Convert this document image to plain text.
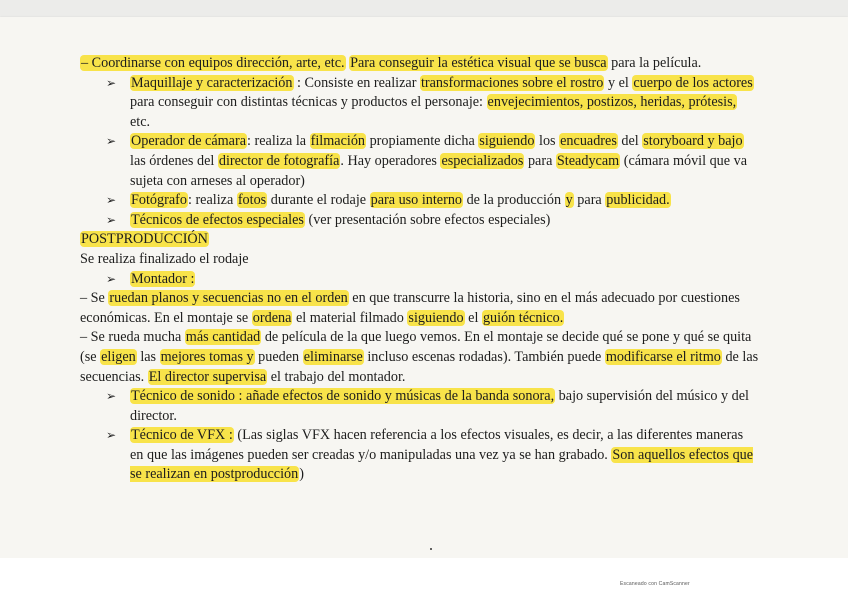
– Coordinarse con equipos dirección, arte, etc. Para conseguir la estética visual que se busca para la película.

➢ Maquillaje y caracterización : Consiste en realizar transformaciones sobre el rostro y el cuerpo de los actores para conseguir con distintas técnicas y productos el personaje: envejecimientos, postizos, heridas, prótesis, etc.

➢ Operador de cámara: realiza la filmación propiamente dicha siguiendo los encuadres del storyboard y bajo las órdenes del director de fotografía. Hay operadores especializados para Steadycam (cámara móvil que va sujeta con arneses al operador)

➢ Fotógrafo: realiza fotos durante el rodaje para uso interno de la producción y para publicidad.

➢ Técnicos de efectos especiales (ver presentación sobre efectos especiales)

POSTPRODUCCIÓN

Se realiza finalizado el rodaje

➢ Montador :

– Se ruedan planos y secuencias no en el orden en que transcurre la historia, sino en el más adecuado por cuestiones económicas. En el montaje se ordena el material filmado siguiendo el guión técnico.

– Se rueda mucha más cantidad de película de la que luego vemos. En el montaje se decide qué se pone y qué se quita (se eligen las mejores tomas y pueden eliminarse incluso escenas rodadas). También puede modificarse el ritmo de las secuencias. El director supervisa el trabajo del montador.

➢ Técnico de sonido : añade efectos de sonido y músicas de la banda sonora, bajo supervisión del músico y del director.

➢ Técnico de VFX : (Las siglas VFX hacen referencia a los efectos visuales, es decir, a las diferentes maneras en que las imágenes pueden ser creadas y/o manipuladas una vez ya se han grabado. Son aquellos efectos que se realizan en postproducción)

Escaneado con CamScanner
